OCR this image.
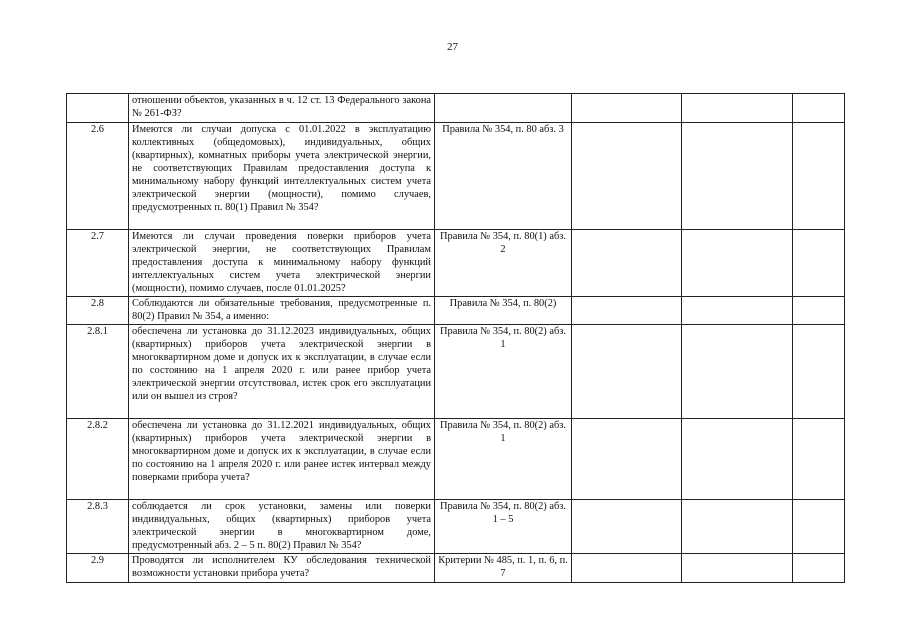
27
	отношении объектов, указанных в ч. 12 ст. 13 Федерального закона № 261-ФЗ?				
2.6	Имеются ли случаи допуска с 01.01.2022 в эксплуатацию коллективных (общедомовых), индивидуальных, общих (квартирных), комнатных приборы учета электрической энергии, не соответствующих Правилам предоставления доступа к минимальному набору функций интеллектуальных систем учета электрической энергии (мощности), помимо случаев, предусмотренных п. 80(1) Правил № 354?	Правила № 354, п. 80 абз. 3			
2.7	Имеются ли случаи проведения поверки приборов учета электрической энергии, не соответствующих Правилам предоставления доступа к минимальному набору функций интеллектуальных систем учета электрической энергии (мощности), помимо случаев, после 01.01.2025?	Правила № 354, п. 80(1) абз. 2			
2.8	Соблюдаются ли обязательные требования, предусмотренные п. 80(2) Правил № 354, а именно:	Правила № 354, п. 80(2)			
2.8.1	обеспечена ли установка до 31.12.2023 индивидуальных, общих (квартирных) приборов учета электрической энергии в многоквартирном доме и допуск их к эксплуатации, в случае если по состоянию на 1 апреля 2020 г. или ранее прибор учета электрической энергии отсутствовал, истек срок его эксплуатации или он вышел из строя?	Правила № 354, п. 80(2) абз. 1			
2.8.2	обеспечена ли установка до 31.12.2021 индивидуальных, общих (квартирных) приборов учета электрической энергии в многоквартирном доме и допуск их к эксплуатации, в случае если по состоянию на 1 апреля 2020 г. или ранее истек интервал между поверками прибора учета?	Правила № 354, п. 80(2) абз. 1			
2.8.3	соблюдается ли срок установки, замены или поверки индивидуальных, общих (квартирных) приборов учета электрической энергии в многоквартирном доме, предусмотренный абз. 2 – 5 п. 80(2) Правил № 354?	Правила № 354, п. 80(2) абз. 1 – 5			
2.9	Проводятся ли исполнителем КУ обследования технической возможности установки прибора учета?	Критерии № 485, п. 1, п. 6, п. 7			
